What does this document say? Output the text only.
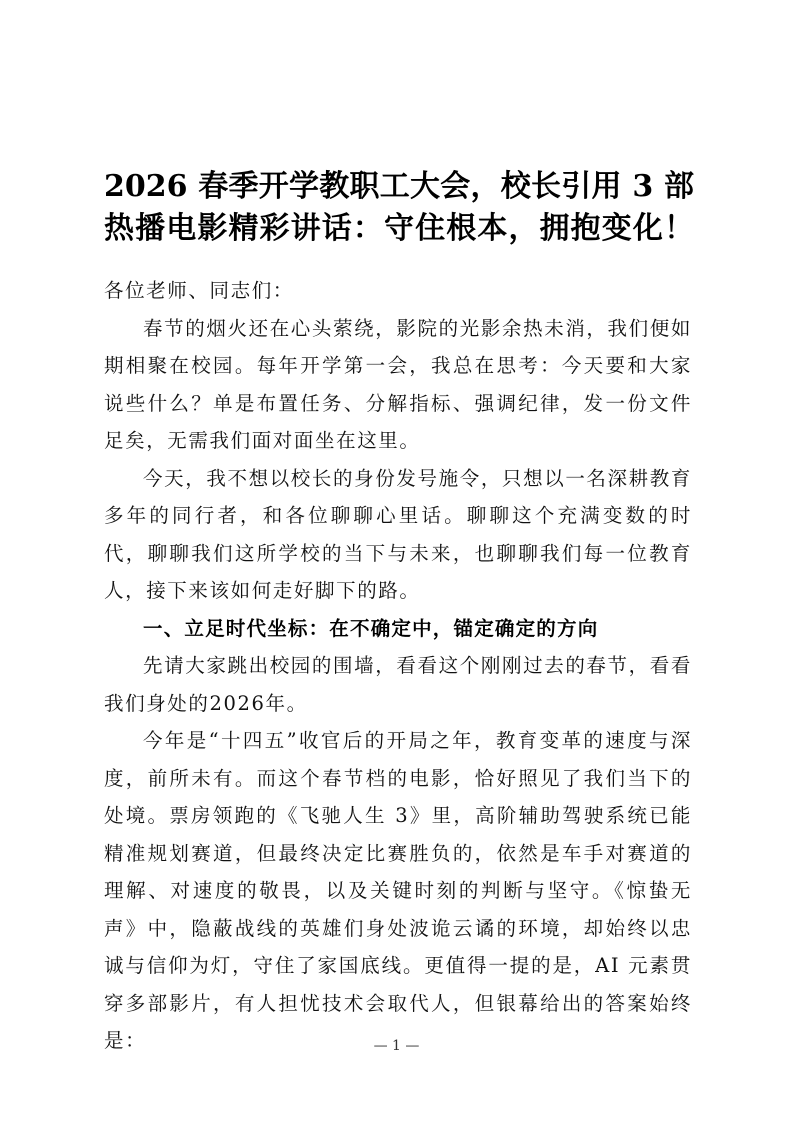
2026 春季开学教职工大会，校长引用 3 部
热播电影精彩讲话：守住根本，拥抱变化！

各位老师、同志们：

春节的烟火还在心头萦绕，影院的光影余热未消，我们便如期相聚在校园。每年开学第一会，我总在思考：今天要和大家说些什么？单是布置任务、分解指标、强调纪律，发一份文件足矣，无需我们面对面坐在这里。

今天，我不想以校长的身份发号施令，只想以一名深耕教育多年的同行者，和各位聊聊心里话。聊聊这个充满变数的时代，聊聊我们这所学校的当下与未来，也聊聊我们每一位教育人，接下来该如何走好脚下的路。

一、立足时代坐标：在不确定中，锚定确定的方向

先请大家跳出校园的围墙，看看这个刚刚过去的春节，看看我们身处的2026年。

今年是“十四五”收官后的开局之年，教育变革的速度与深度，前所未有。而这个春节档的电影，恰好照见了我们当下的处境。票房领跑的《飞驰人生 3》里，高阶辅助驾驶系统已能精准规划赛道，但最终决定比赛胜负的，依然是车手对赛道的理解、对速度的敬畏，以及关键时刻的判断与坚守。《惊蛰无声》中，隐蔽战线的英雄们身处波诡云谲的环境，却始终以忠诚与信仰为灯，守住了家国底线。更值得一提的是，AI 元素贯穿多部影片，有人担忧技术会取代人，但银幕给出的答案始终是：	— 1 —
